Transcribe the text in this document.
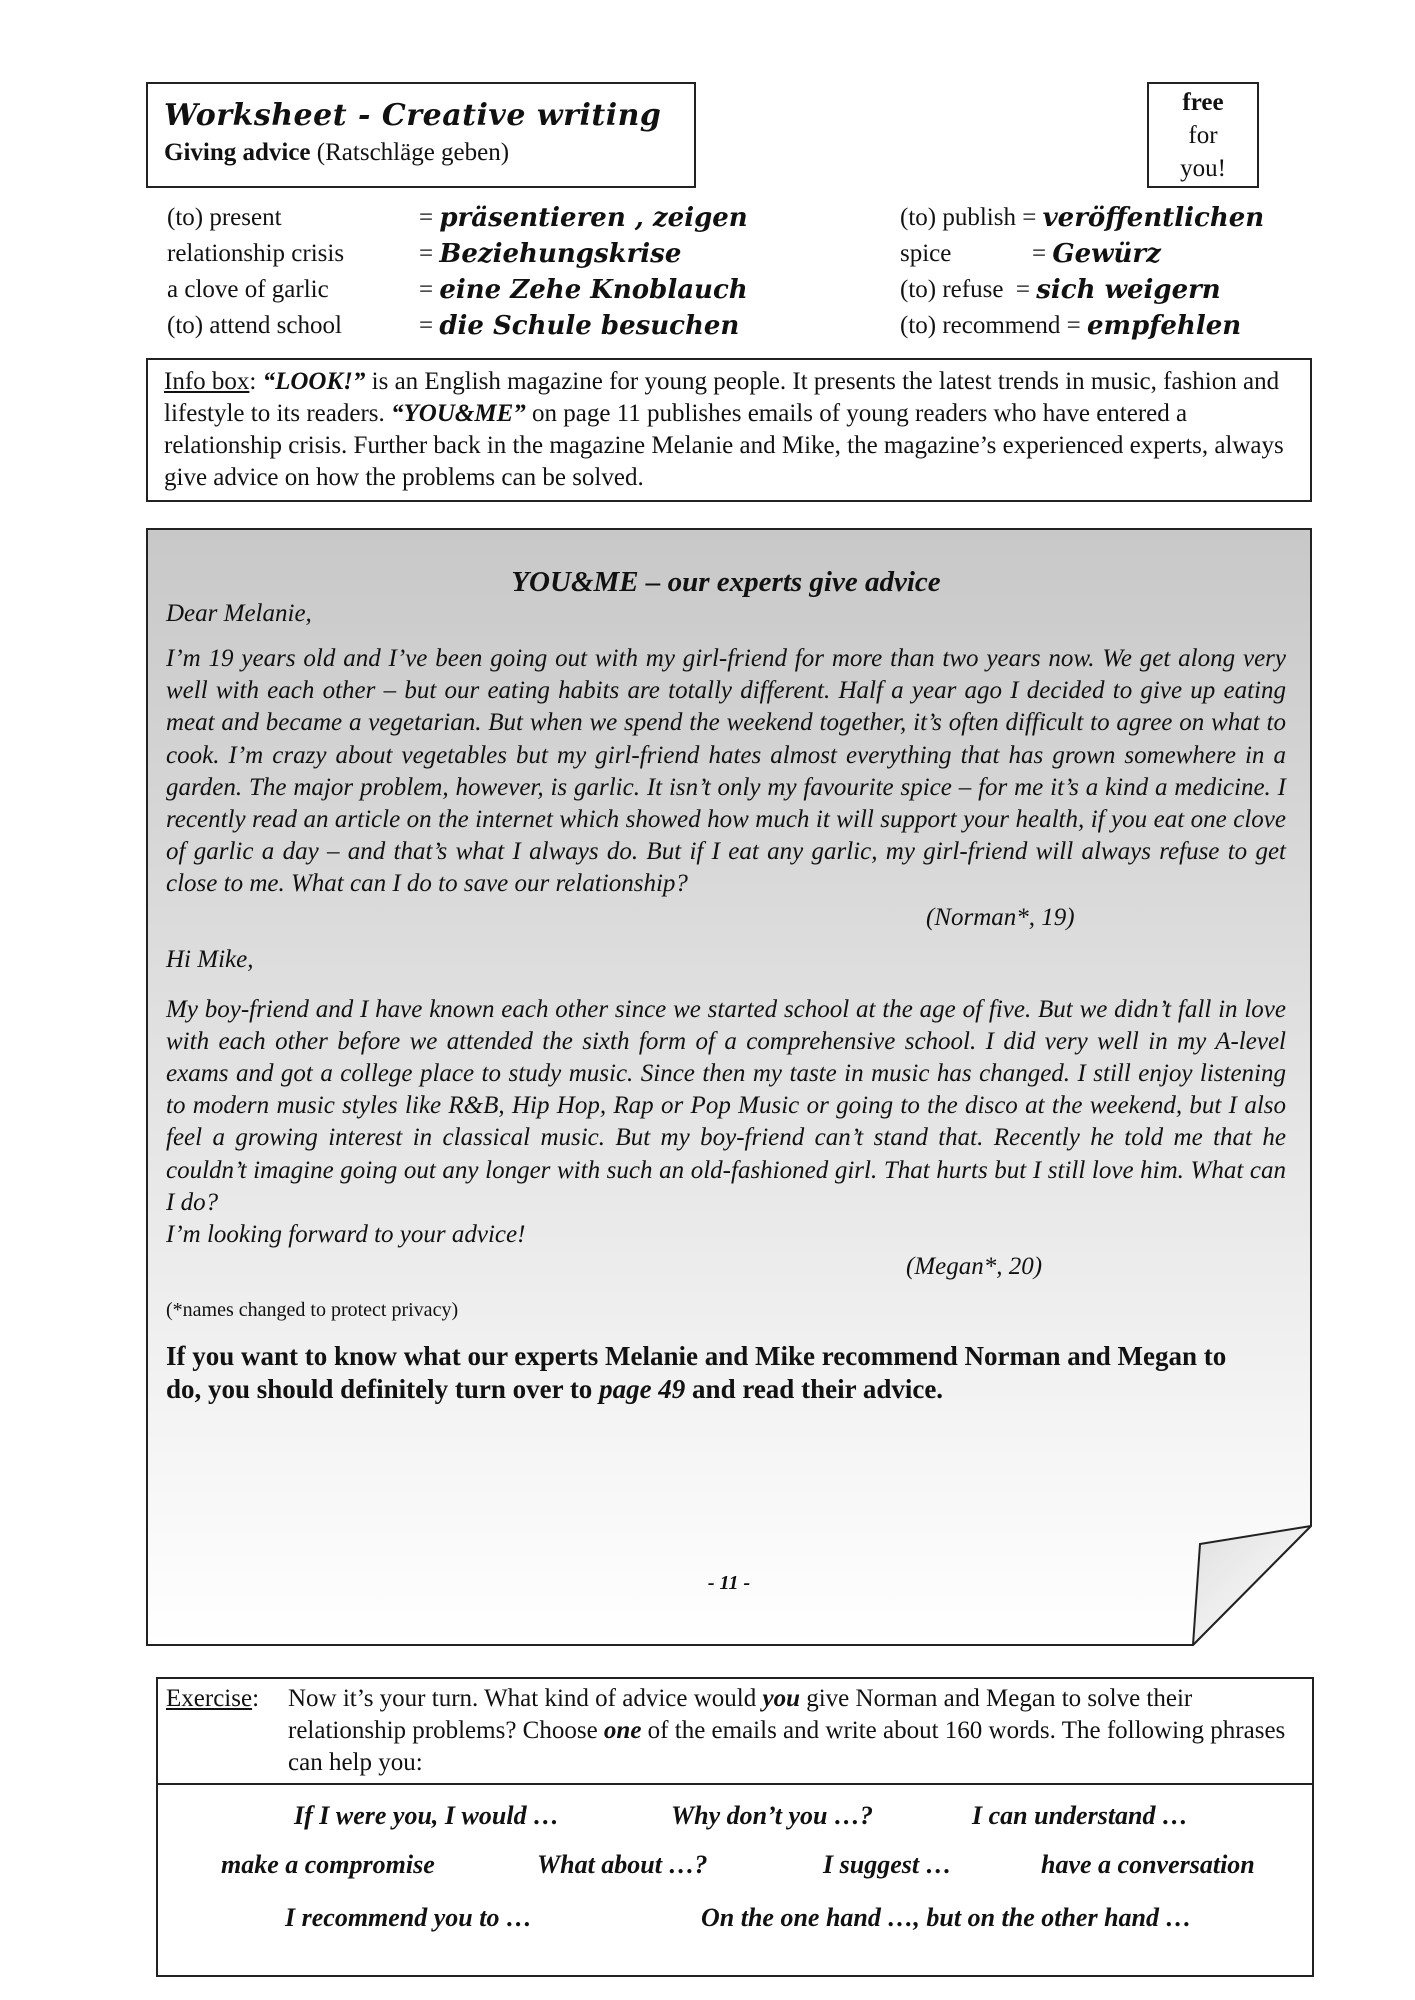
Worksheet - Creative writing
Giving advice (Ratschläge geben)
free
for
you!
(to) present	= präsentieren , zeigen
relationship crisis	= Beziehungskrise
a clove of garlic	= eine Zehe Knoblauch
(to) attend school	= die Schule besuchen
(to) publish = veröffentlichen
spice	= Gewürz
(to) refuse = sich weigern
(to) recommend = empfehlen
Info box: “LOOK!” is an English magazine for young people. It presents the latest trends in music, fashion and lifestyle to its readers. “YOU&ME” on page 11 publishes emails of young readers who have entered a relationship crisis. Further back in the magazine Melanie and Mike, the magazine’s experienced experts, always give advice on how the problems can be solved.
YOU&ME – our experts give advice
Dear Melanie,
I’m 19 years old and I’ve been going out with my girl-friend for more than two years now. We get along very well with each other – but our eating habits are totally different. Half a year ago I decided to give up eating meat and became a vegetarian. But when we spend the weekend together, it’s often difficult to agree on what to cook. I’m crazy about vegetables but my girl-friend hates almost everything that has grown somewhere in a garden. The major problem, however, is garlic. It isn’t only my favourite spice – for me it’s a kind a medicine. I recently read an article on the internet which showed how much it will support your health, if you eat one clove of garlic a day – and that’s what I always do. But if I eat any garlic, my girl-friend will always refuse to get close to me. What can I do to save our relationship?
(Norman*, 19)
Hi Mike,
My boy-friend and I have known each other since we started school at the age of five. But we didn’t fall in love with each other before we attended the sixth form of a comprehensive school. I did very well in my A-level exams and got a college place to study music. Since then my taste in music has changed. I still enjoy listening to modern music styles like R&B, Hip Hop, Rap or Pop Music or going to the disco at the weekend, but I also feel a growing interest in classical music. But my boy-friend can’t stand that. Recently he told me that he couldn’t imagine going out any longer with such an old-fashioned girl. That hurts but I still love him. What can I do?
I’m looking forward to your advice!
(Megan*, 20)
(*names changed to protect privacy)
If you want to know what our experts Melanie and Mike recommend Norman and Megan to do, you should definitely turn over to page 49 and read their advice.
- 11 -
Exercise:	Now it’s your turn. What kind of advice would you give Norman and Megan to solve their relationship problems? Choose one of the emails and write about 160 words. The following phrases can help you:
If I were you, I would …	Why don’t you …?	I can understand …
make a compromise	What about …?	I suggest …	have a conversation
I recommend you to …	On the one hand …, but on the other hand …
